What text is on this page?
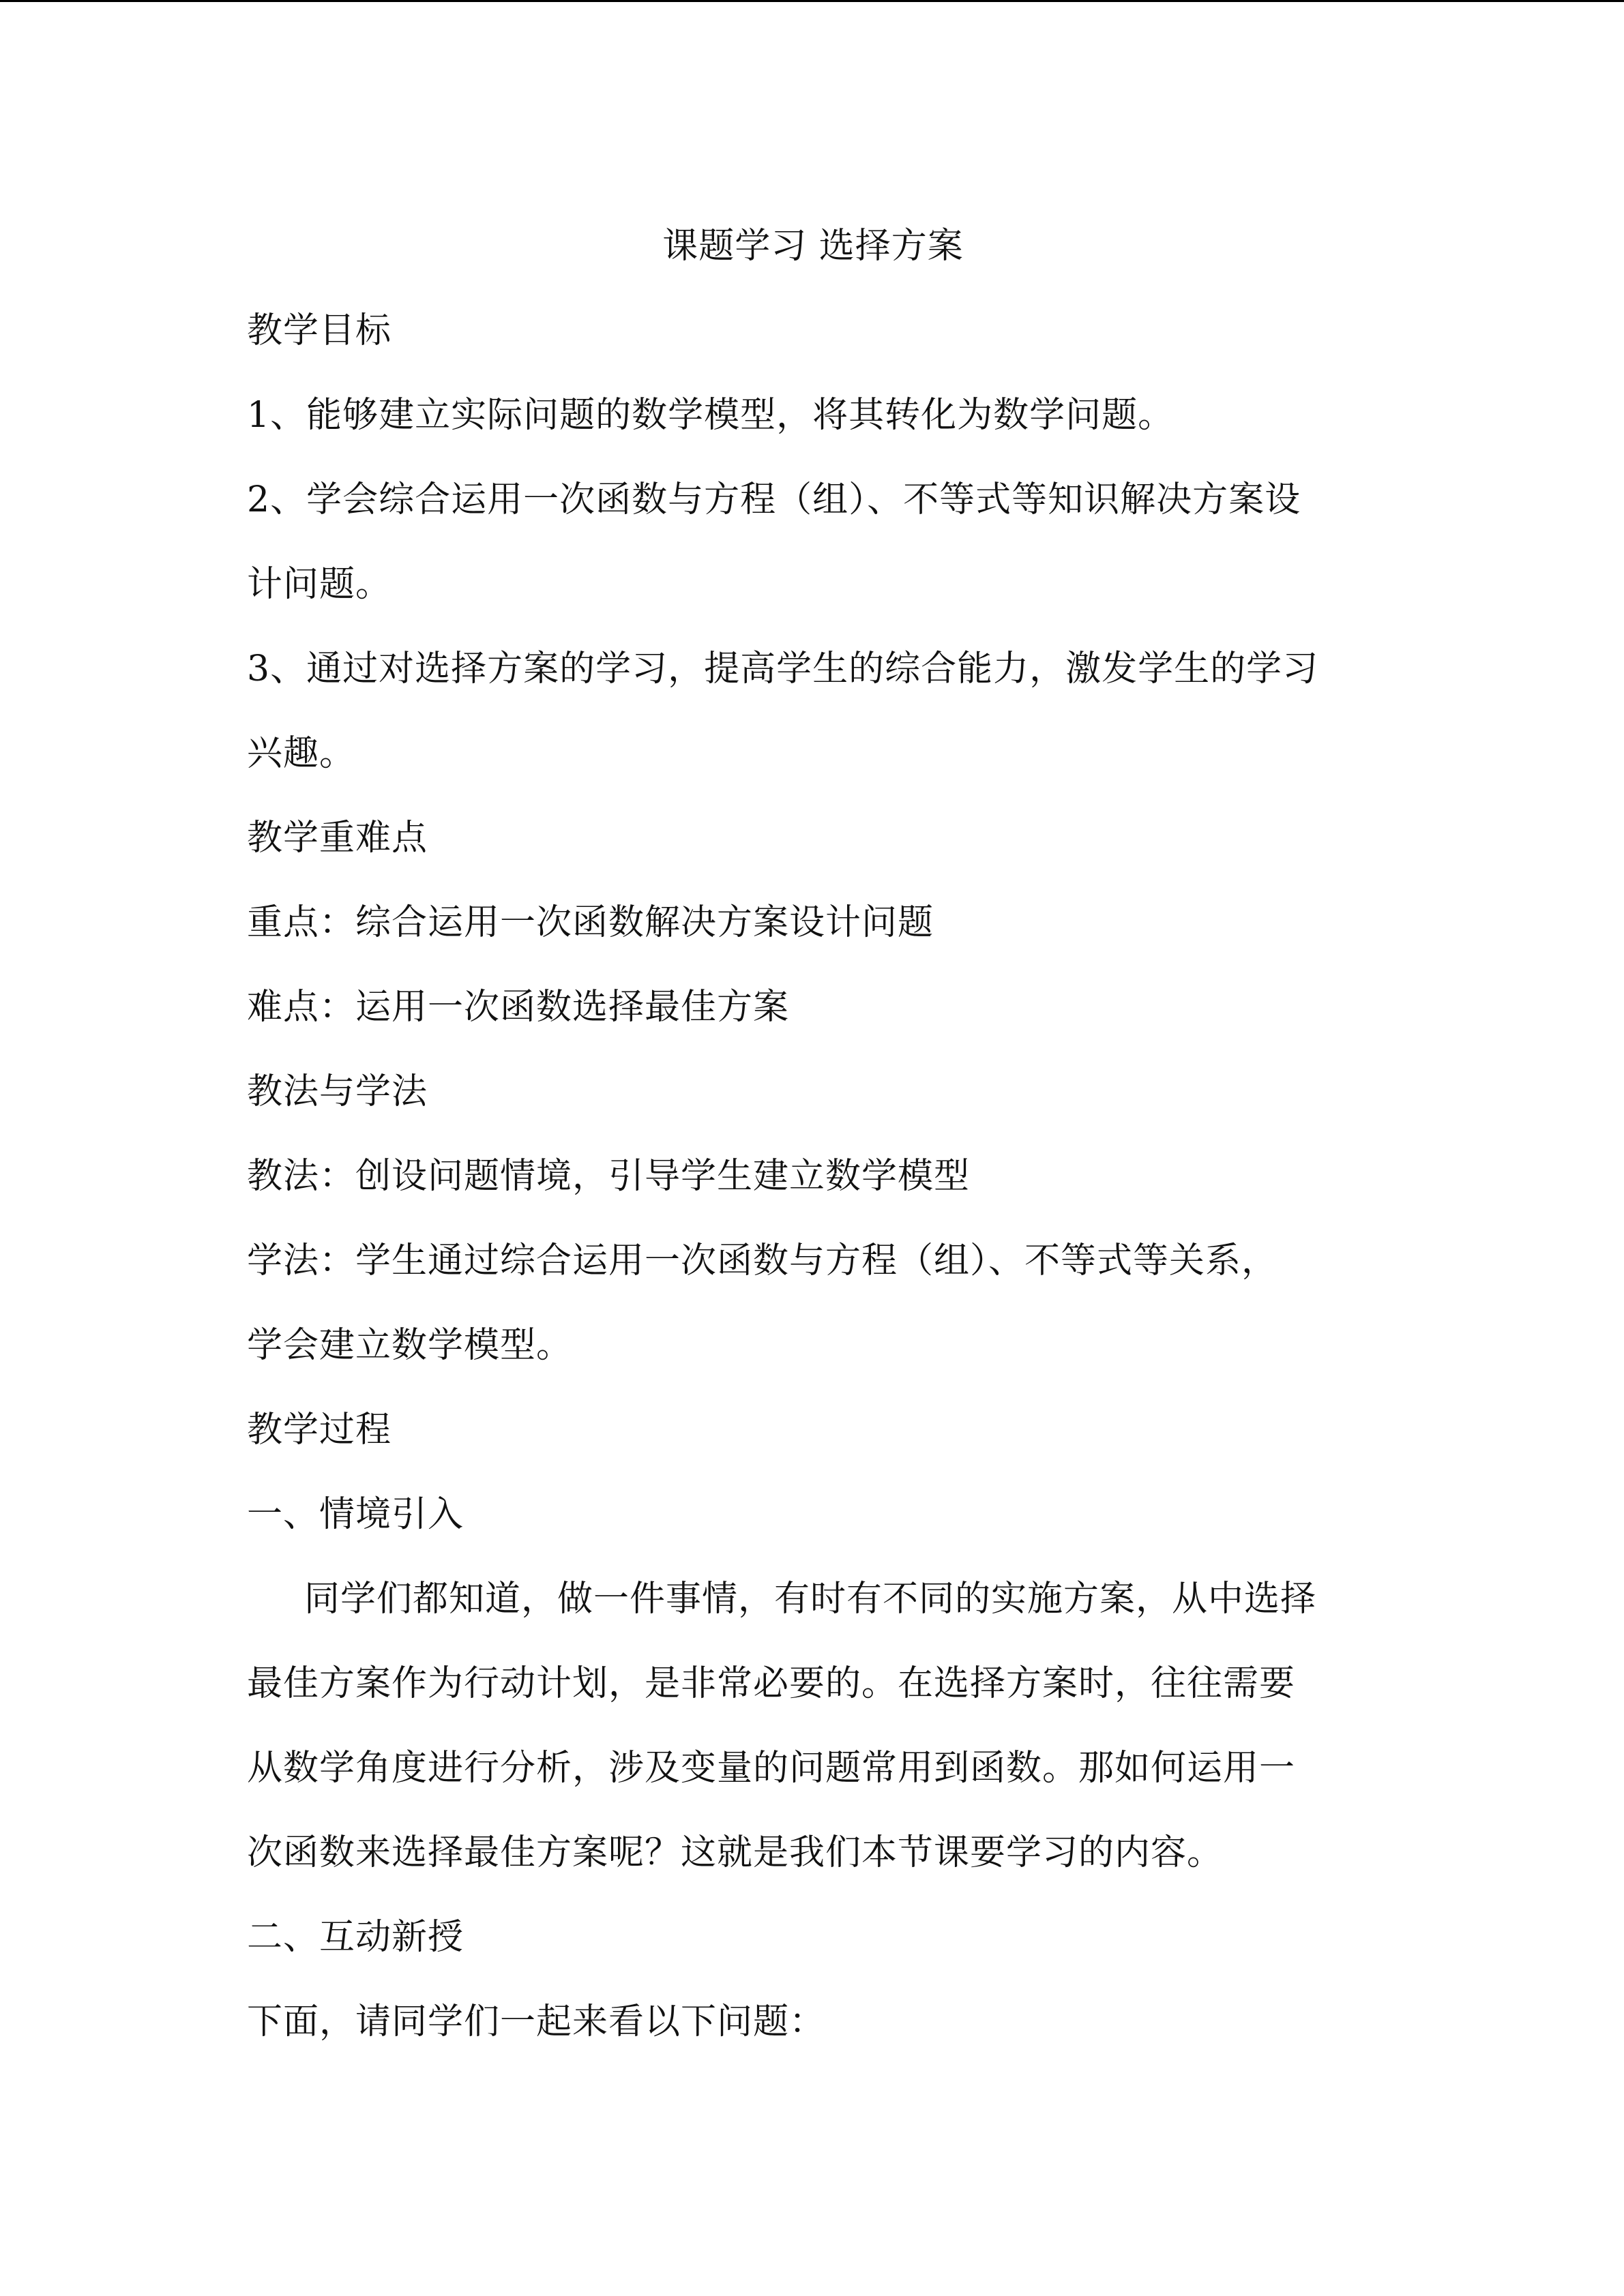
课题学习 选择方案
教学目标
1、能够建立实际问题的数学模型，将其转化为数学问题。
2、学会综合运用一次函数与方程（组）、不等式等知识解决方案设
计问题。
3、通过对选择方案的学习，提高学生的综合能力，激发学生的学习
兴趣。
教学重难点
重点：综合运用一次函数解决方案设计问题
难点：运用一次函数选择最佳方案
教法与学法
教法：创设问题情境，引导学生建立数学模型
学法：学生通过综合运用一次函数与方程（组）、不等式等关系，
学会建立数学模型。
教学过程
一、情境引入
同学们都知道，做一件事情，有时有不同的实施方案，从中选择
最佳方案作为行动计划，是非常必要的。在选择方案时，往往需要
从数学角度进行分析，涉及变量的问题常用到函数。那如何运用一
次函数来选择最佳方案呢？这就是我们本节课要学习的内容。
二、互动新授
下面，请同学们一起来看以下问题：
